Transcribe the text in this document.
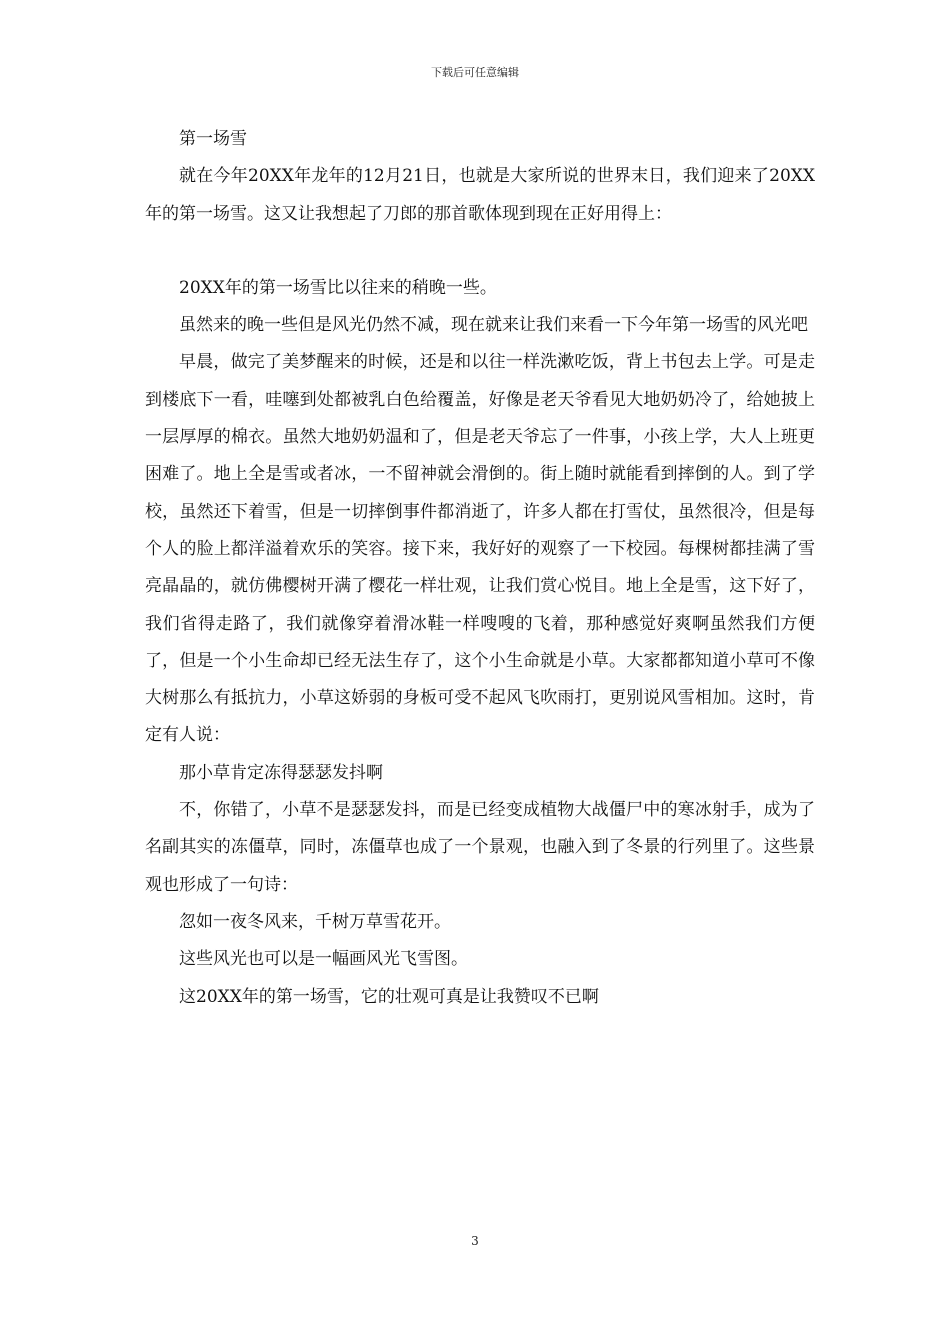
下载后可任意编辑

第一场雪

就在今年20XX年龙年的12月21日，也就是大家所说的世界末日，我们迎来了20XX年的第一场雪。这又让我想起了刀郎的那首歌体现到现在正好用得上：

20XX年的第一场雪比以往来的稍晚一些。

虽然来的晚一些但是风光仍然不减，现在就来让我们来看一下今年第一场雪的风光吧

早晨，做完了美梦醒来的时候，还是和以往一样洗漱吃饭，背上书包去上学。可是走到楼底下一看，哇噻到处都被乳白色给覆盖，好像是老天爷看见大地奶奶冷了，给她披上一层厚厚的棉衣。虽然大地奶奶温和了，但是老天爷忘了一件事，小孩上学，大人上班更困难了。地上全是雪或者冰，一不留神就会滑倒的。街上随时就能看到摔倒的人。到了学校，虽然还下着雪，但是一切摔倒事件都消逝了，许多人都在打雪仗，虽然很冷，但是每个人的脸上都洋溢着欢乐的笑容。接下来，我好好的观察了一下校园。每棵树都挂满了雪亮晶晶的，就仿佛樱树开满了樱花一样壮观，让我们赏心悦目。地上全是雪，这下好了，我们省得走路了，我们就像穿着滑冰鞋一样嗖嗖的飞着，那种感觉好爽啊虽然我们方便了，但是一个小生命却已经无法生存了，这个小生命就是小草。大家都都知道小草可不像大树那么有抵抗力，小草这娇弱的身板可受不起风飞吹雨打，更别说风雪相加。这时，肯定有人说：

那小草肯定冻得瑟瑟发抖啊

不，你错了，小草不是瑟瑟发抖，而是已经变成植物大战僵尸中的寒冰射手，成为了名副其实的冻僵草，同时，冻僵草也成了一个景观，也融入到了冬景的行列里了。这些景观也形成了一句诗：

忽如一夜冬风来，千树万草雪花开。

这些风光也可以是一幅画风光飞雪图。

这20XX年的第一场雪，它的壮观可真是让我赞叹不已啊

3
